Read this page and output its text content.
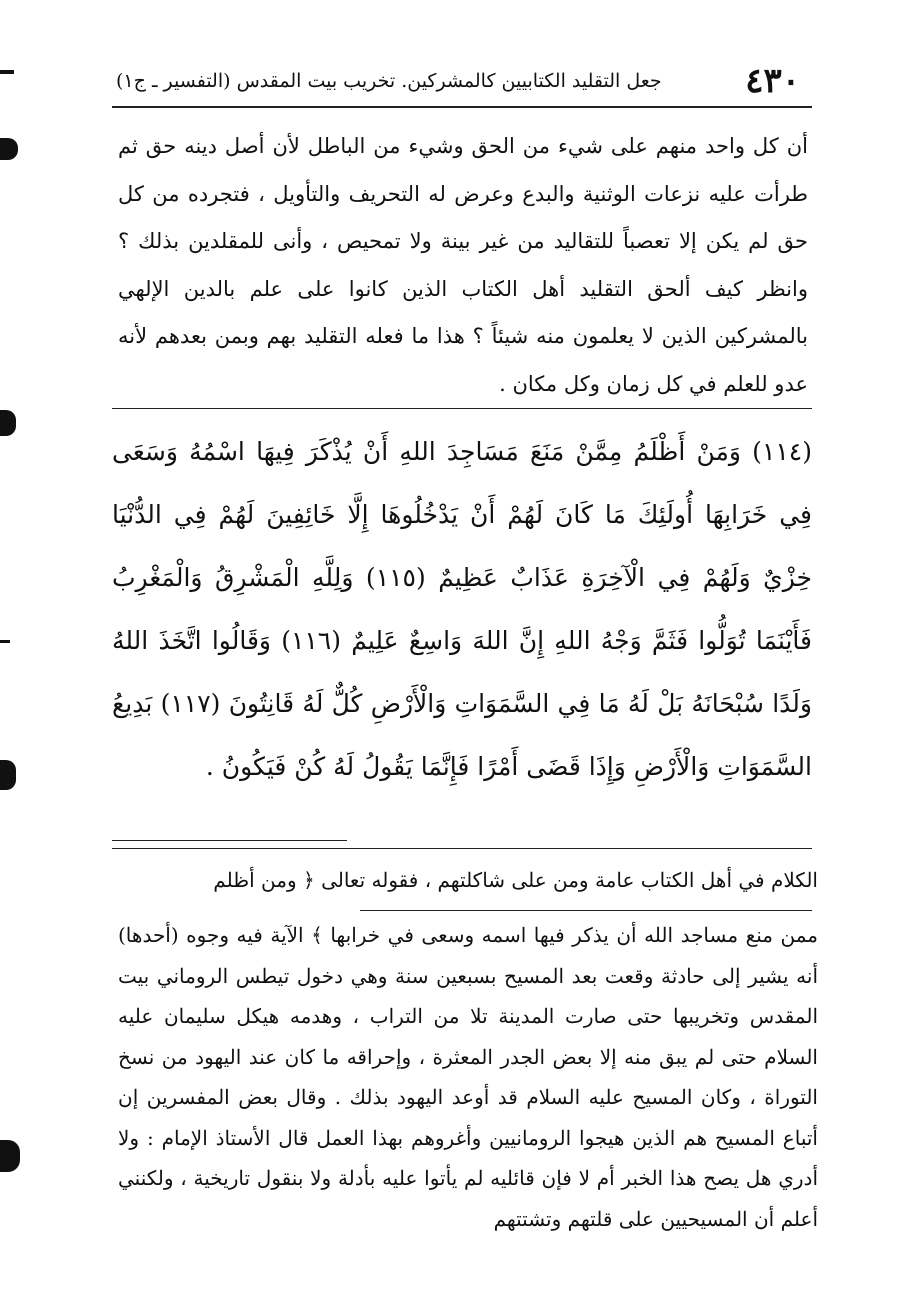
٤٣٠
جعل التقليد الكتابيين كالمشركين. تخريب بيت المقدس (التفسير ـ ج١)

أن كل واحد منهم على شيء من الحق وشيء من الباطل لأن أصل دينه حق ثم طرأت عليه نزعات الوثنية والبدع وعرض له التحريف والتأويل ، فتجرده من كل حق لم يكن إلا تعصباً للتقاليد من غير بينة ولا تمحيص ، وأنى للمقلدين بذلك ؟ وانظر كيف ألحق التقليد أهل الكتاب الذين كانوا على علم بالدين الإلهي بالمشركين الذين لا يعلمون منه شيئاً ؟ هذا ما فعله التقليد بهم وبمن بعدهم لأنه عدو للعلم في كل زمان وكل مكان .

(١١٤) وَمَنْ أَظْلَمُ مِمَّنْ مَنَعَ مَسَاجِدَ اللهِ أَنْ يُذْكَرَ فِيهَا اسْمُهُ وَسَعَى فِي خَرَابِهَا أُولَئِكَ مَا كَانَ لَهُمْ أَنْ يَدْخُلُوهَا إِلَّا خَائِفِينَ لَهُمْ فِي الدُّنْيَا خِزْيٌ وَلَهُمْ فِي الْآخِرَةِ عَذَابٌ عَظِيمٌ (١١٥) وَلِلَّهِ الْمَشْرِقُ وَالْمَغْرِبُ فَأَيْنَمَا تُوَلُّوا فَثَمَّ وَجْهُ اللهِ إِنَّ اللهَ وَاسِعٌ عَلِيمٌ (١١٦) وَقَالُوا اتَّخَذَ اللهُ وَلَدًا سُبْحَانَهُ بَلْ لَهُ مَا فِي السَّمَوَاتِ وَالْأَرْضِ كُلٌّ لَهُ قَانِتُونَ (١١٧) بَدِيعُ السَّمَوَاتِ وَالْأَرْضِ وَإِذَا قَضَى أَمْرًا فَإِنَّمَا يَقُولُ لَهُ كُنْ فَيَكُونُ .

الكلام في أهل الكتاب عامة ومن على شاكلتهم ، فقوله تعالى ﴿ ومن أظلم

ممن منع مساجد الله أن يذكر فيها اسمه وسعى في خرابها ﴾ الآية فيه وجوه (أحدها) أنه يشير إلى حادثة وقعت بعد المسيح بسبعين سنة وهي دخول تيطس الروماني بيت المقدس وتخريبها حتى صارت المدينة تلا من التراب ، وهدمه هيكل سليمان عليه السلام حتى لم يبق منه إلا بعض الجدر المعثرة ، وإحراقه ما كان عند اليهود من نسخ التوراة ، وكان المسيح عليه السلام قد أوعد اليهود بذلك . وقال بعض المفسرين إن أتباع المسيح هم الذين هيجوا الرومانيين وأغروهم بهذا العمل قال الأستاذ الإمام : ولا أدري هل يصح هذا الخبر أم لا فإن قائليه لم يأتوا عليه بأدلة ولا بنقول تاريخية ، ولكنني أعلم أن المسيحيين على قلتهم وتشتتهم
